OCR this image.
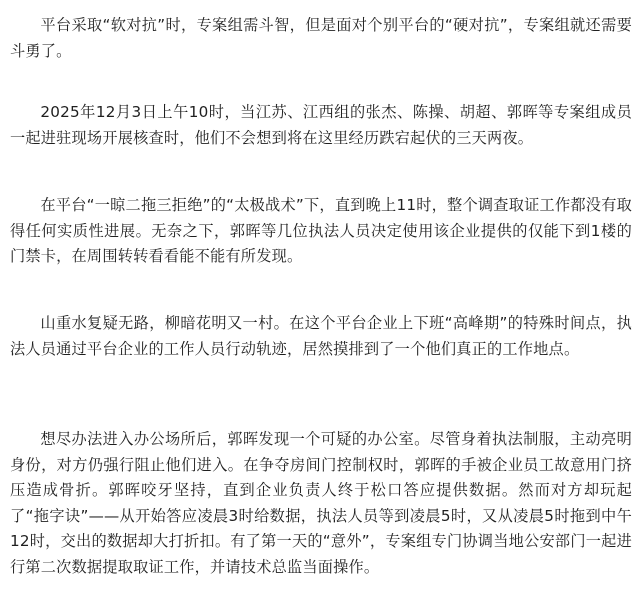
平台采取“软对抗”时，专案组需斗智，但是面对个别平台的“硬对抗”，专案组就还需要斗勇了。

2025年12月3日上午10时，当江苏、江西组的张杰、陈操、胡超、郭晖等专案组成员一起进驻现场开展核查时，他们不会想到将在这里经历跌宕起伏的三天两夜。

在平台“一晾二拖三拒绝”的“太极战术”下，直到晚上11时，整个调查取证工作都没有取得任何实质性进展。无奈之下，郭晖等几位执法人员决定使用该企业提供的仅能下到1楼的门禁卡，在周围转转看看能不能有所发现。

山重水复疑无路，柳暗花明又一村。在这个平台企业上下班“高峰期”的特殊时间点，执法人员通过平台企业的工作人员行动轨迹，居然摸排到了一个他们真正的工作地点。

想尽办法进入办公场所后，郭晖发现一个可疑的办公室。尽管身着执法制服，主动亮明身份，对方仍强行阻止他们进入。在争夺房间门控制权时，郭晖的手被企业员工故意用门挤压造成骨折。郭晖咬牙坚持，直到企业负责人终于松口答应提供数据。然而对方却玩起了“拖字诀”——从开始答应凌晨3时给数据，执法人员等到凌晨5时，又从凌晨5时拖到中午12时，交出的数据却大打折扣。有了第一天的“意外”，专案组专门协调当地公安部门一起进行第二次数据提取取证工作，并请技术总监当面操作。
